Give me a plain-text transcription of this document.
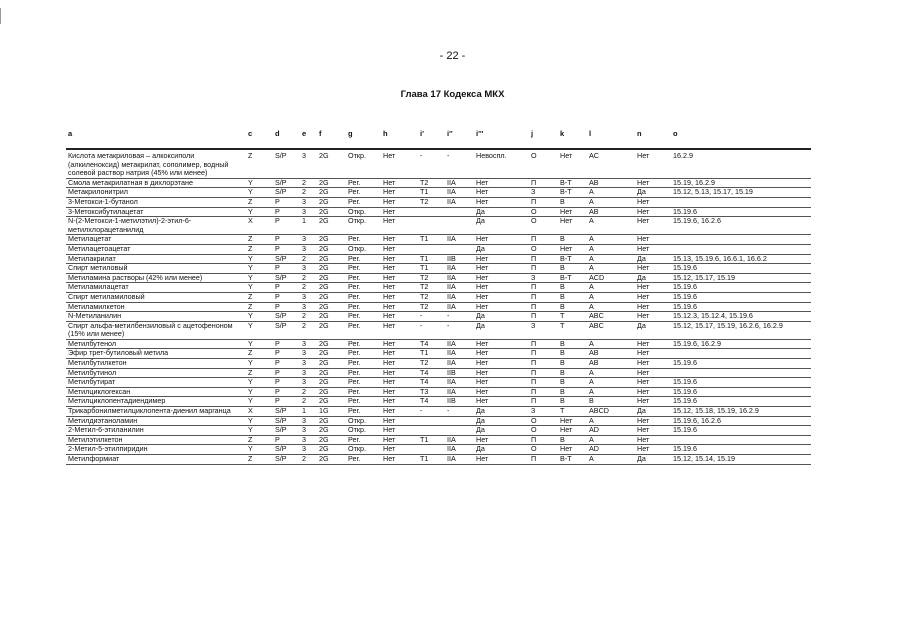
- 22 -
Глава 17 Кодекса МКХ
a	c	d	e	f	g	h	i'	i''	i'''	j	k	l	n	o
Кислота метакриловая – алкоксиполи (алкиленоксид) метакрилат, сополимер, водный солевой раствор натрия (45% или менее)	Z	S/P	3	2G	Откр.	Нет	-	-	Невоспл.	О	Нет	AC	Нет	16.2.9
Смола метакрилатная в дихлорэтане	Y	S/P	2	2G	Рег.	Нет	T2	IIA	Нет	П	В-Т	AB	Нет	15.19, 16.2.9
Метакрилонитрил	Y	S/P	2	2G	Рег.	Нет	T1	IIA	Нет	З	В-Т	A	Да	15.12, 5.13, 15.17, 15.19
3-Метокси-1-бутанол	Z	P	3	2G	Рег.	Нет	T2	IIA	Нет	П	В	A	Нет	
3-Метоксибутилацетат	Y	P	3	2G	Откр.	Нет			Да	О	Нет	AB	Нет	15.19.6
N-(2-Метокси-1-метилэтил)-2-этил-6-метилхлорацетанилид	X	P	1	2G	Откр.	Нет			Да	О	Нет	A	Нет	15.19.6, 16.2.6
Метилацетат	Z	P	3	2G	Рег.	Нет	T1	IIA	Нет	П	В	A	Нет	
Метилацетоацетат	Z	P	3	2G	Откр.	Нет			Да	О	Нет	A	Нет	
Метилакрилат	Y	S/P	2	2G	Рег.	Нет	T1	IIB	Нет	П	В-Т	A	Да	15.13, 15.19.6, 16.6.1, 16.6.2
Спирт метиловый	Y	P	3	2G	Рег.	Нет	T1	IIA	Нет	П	В	A	Нет	15.19.6
Метиламина растворы (42% или менее)	Y	S/P	2	2G	Рег.	Нет	T2	IIA	Нет	З	В-Т	ACD	Да	15.12, 15.17, 15.19
Метиламилацетат	Y	P	2	2G	Рег.	Нет	T2	IIA	Нет	П	В	A	Нет	15.19.6
Спирт метиламиловый	Z	P	3	2G	Рег.	Нет	T2	IIA	Нет	П	В	A	Нет	15.19.6
Метиламилкетон	Z	P	3	2G	Рег.	Нет	T2	IIA	Нет	П	В	A	Нет	15.19.6
N-Метиланилин	Y	S/P	2	2G	Рег.	Нет	-	-	Да	П	Т	ABC	Нет	15.12.3, 15.12.4, 15.19.6
Спирт альфа-метилбензиловый с ацетофеноном (15% или менее)	Y	S/P	2	2G	Рег.	Нет	-	-	Да	З	Т	ABC	Да	15.12, 15.17, 15.19, 16.2.6, 16.2.9
Метилбутенол	Y	P	3	2G	Рег.	Нет	T4	IIA	Нет	П	В	A	Нет	15.19.6, 16.2.9
Эфир трет-бутиловый метила	Z	P	3	2G	Рег.	Нет	T1	IIA	Нет	П	В	AB	Нет	
Метилбутилкетон	Y	P	3	2G	Рег.	Нет	T2	IIA	Нет	П	В	AB	Нет	15.19.6
Метилбутинол	Z	P	3	2G	Рег.	Нет	T4	IIB	Нет	П	В	A	Нет	
Метилбутират	Y	P	3	2G	Рег.	Нет	T4	IIA	Нет	П	В	A	Нет	15.19.6
Метилциклогексан	Y	P	2	2G	Рег.	Нет	T3	IIA	Нет	П	В	A	Нет	15.19.6
Метилциклопентадиендимер	Y	P	2	2G	Рег.	Нет	T4	IIB	Нет	П	В	B	Нет	15.19.6
Трикарбонилметилциклопента-диенил марганца	X	S/P	1	1G	Рег.	Нет	-	-	Да	З	Т	ABCD	Да	15.12, 15.18, 15.19, 16.2.9
Метилдиэтаноламин	Y	S/P	3	2G	Откр.	Нет			Да	О	Нет	A	Нет	15.19.6, 16.2.6
2-Метил-6-этиланилин	Y	S/P	3	2G	Откр.	Нет			Да	О	Нет	AD	Нет	15.19.6
Метилэтилкетон	Z	P	3	2G	Рег.	Нет	T1	IIA	Нет	П	В	A	Нет	
2-Метил-5-этилпиридин	Y	S/P	3	2G	Откр.	Нет		IIA	Да	О	Нет	AD	Нет	15.19.6
Метилформиат	Z	S/P	2	2G	Рег.	Нет	T1	IIA	Нет	П	В-Т	A	Да	15.12, 15.14, 15.19
